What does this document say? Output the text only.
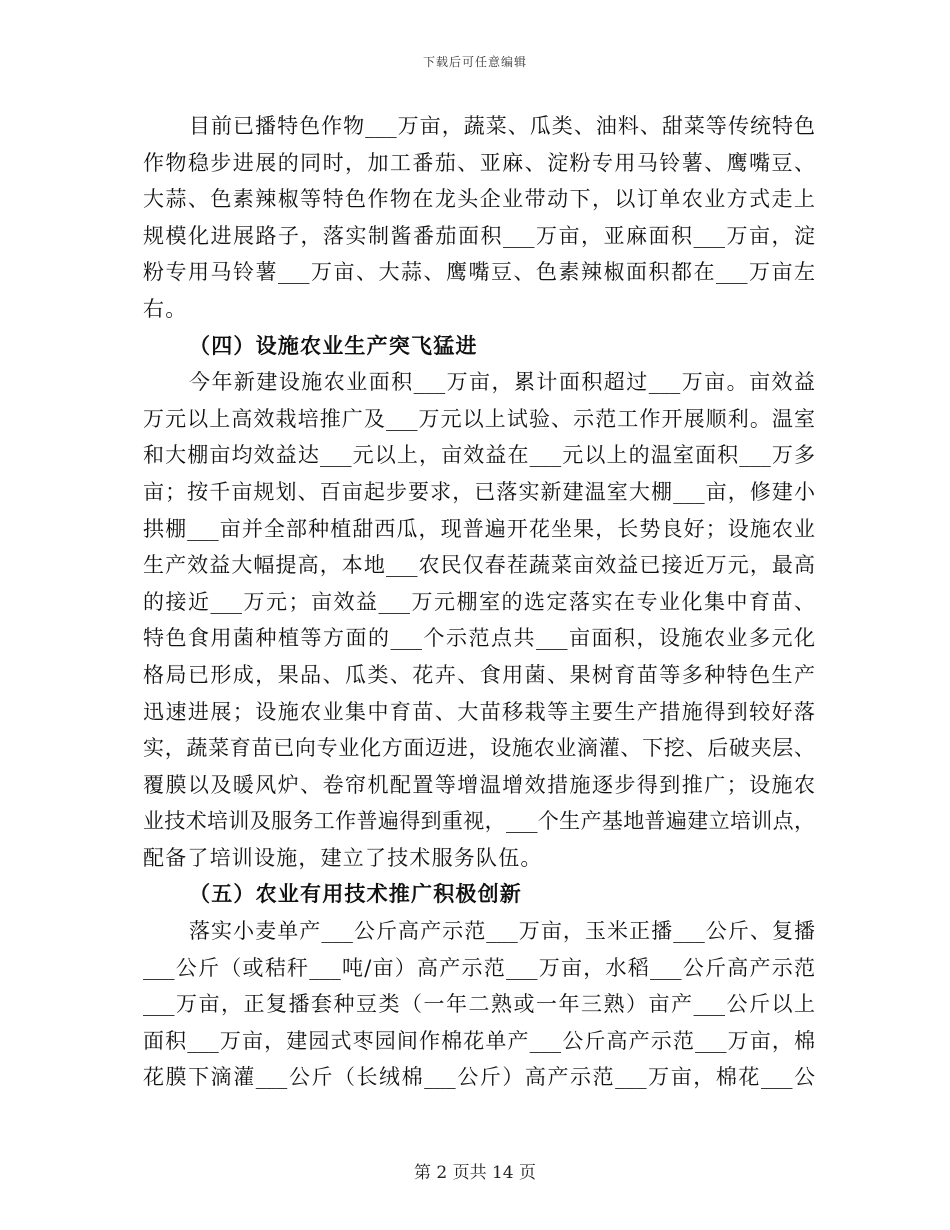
下载后可任意编辑
目前已播特色作物___万亩，蔬菜、瓜类、油料、甜菜等传统特色
作物稳步进展的同时，加工番茄、亚麻、淀粉专用马铃薯、鹰嘴豆、
大蒜、色素辣椒等特色作物在龙头企业带动下，以订单农业方式走上
规模化进展路子，落实制酱番茄面积___万亩，亚麻面积___万亩，淀
粉专用马铃薯___万亩、大蒜、鹰嘴豆、色素辣椒面积都在___万亩左
右。
（四）设施农业生产突飞猛进
今年新建设施农业面积___万亩，累计面积超过___万亩。亩效益
万元以上高效栽培推广及___万元以上试验、示范工作开展顺利。温室
和大棚亩均效益达___元以上，亩效益在___元以上的温室面积___万多
亩；按千亩规划、百亩起步要求，已落实新建温室大棚___亩，修建小
拱棚___亩并全部种植甜西瓜，现普遍开花坐果，长势良好；设施农业
生产效益大幅提高，本地___农民仅春茬蔬菜亩效益已接近万元，最高
的接近___万元；亩效益___万元棚室的选定落实在专业化集中育苗、
特色食用菌种植等方面的___个示范点共___亩面积，设施农业多元化
格局已形成，果品、瓜类、花卉、食用菌、果树育苗等多种特色生产
迅速进展；设施农业集中育苗、大苗移栽等主要生产措施得到较好落
实，蔬菜育苗已向专业化方面迈进，设施农业滴灌、下挖、后破夹层、
覆膜以及暖风炉、卷帘机配置等增温增效措施逐步得到推广；设施农
业技术培训及服务工作普遍得到重视，___个生产基地普遍建立培训点，
配备了培训设施，建立了技术服务队伍。
（五）农业有用技术推广积极创新
落实小麦单产___公斤高产示范___万亩，玉米正播___公斤、复播
___公斤（或秸秆___吨/亩）高产示范___万亩，水稻___公斤高产示范
___万亩，正复播套种豆类（一年二熟或一年三熟）亩产___公斤以上
面积___万亩，建园式枣园间作棉花单产___公斤高产示范___万亩，棉
花膜下滴灌___公斤（长绒棉___公斤）高产示范___万亩，棉花___公
第 2 页共 14 页
